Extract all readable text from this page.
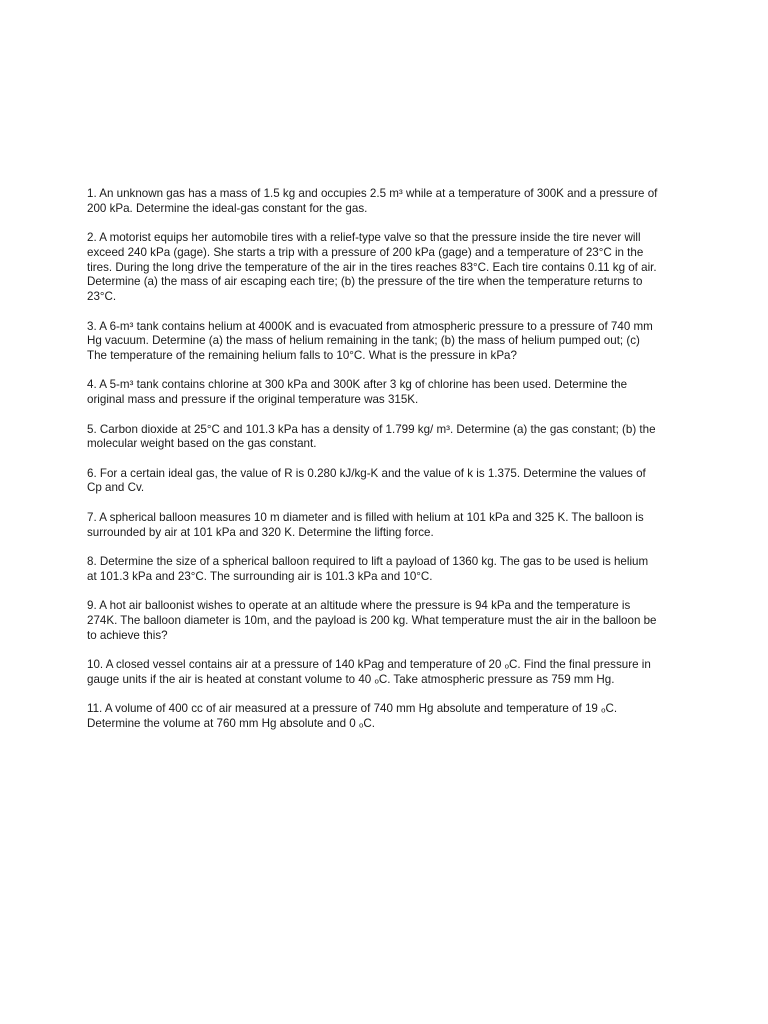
1. An unknown gas has a mass of 1.5 kg and occupies 2.5 m³ while at a temperature of 300K and a pressure of
200 kPa. Determine the ideal-gas constant for the gas.
2. A motorist equips her automobile tires with a relief-type valve so that the pressure inside the tire never will
exceed 240 kPa (gage). She starts a trip with a pressure of 200 kPa (gage) and a temperature of 23°C in the
tires. During the long drive the temperature of the air in the tires reaches 83°C. Each tire contains 0.11 kg of air.
Determine (a) the mass of air escaping each tire; (b) the pressure of the tire when the temperature returns to
23°C.
3. A 6-m³ tank contains helium at 4000K and is evacuated from atmospheric pressure to a pressure of 740 mm
Hg vacuum. Determine (a) the mass of helium remaining in the tank; (b) the mass of helium pumped out; (c)
The temperature of the remaining helium falls to 10°C. What is the pressure in kPa?
4. A 5-m³ tank contains chlorine at 300 kPa and 300K after 3 kg of chlorine has been used. Determine the
original mass and pressure if the original temperature was 315K.
5. Carbon dioxide at 25°C and 101.3 kPa has a density of 1.799 kg/ m³. Determine (a) the gas constant; (b) the
molecular weight based on the gas constant.
6. For a certain ideal gas, the value of R is 0.280 kJ/kg-K and the value of k is 1.375. Determine the values of
Cp and Cv.
7. A spherical balloon measures 10 m diameter and is filled with helium at 101 kPa and 325 K. The balloon is
surrounded by air at 101 kPa and 320 K. Determine the lifting force.
8. Determine the size of a spherical balloon required to lift a payload of 1360 kg. The gas to be used is helium
at 101.3 kPa and 23°C. The surrounding air is 101.3 kPa and 10°C.
9. A hot air balloonist wishes to operate at an altitude where the pressure is 94 kPa and the temperature is
274K. The balloon diameter is 10m, and the payload is 200 kg. What temperature must the air in the balloon be
to achieve this?
10. A closed vessel contains air at a pressure of 140 kPag and temperature of 20 ₒC. Find the final pressure in
gauge units if the air is heated at constant volume to 40 ₒC. Take atmospheric pressure as 759 mm Hg.
11. A volume of 400 cc of air measured at a pressure of 740 mm Hg absolute and temperature of 19 ₒC.
Determine the volume at 760 mm Hg absolute and 0 ₒC.
